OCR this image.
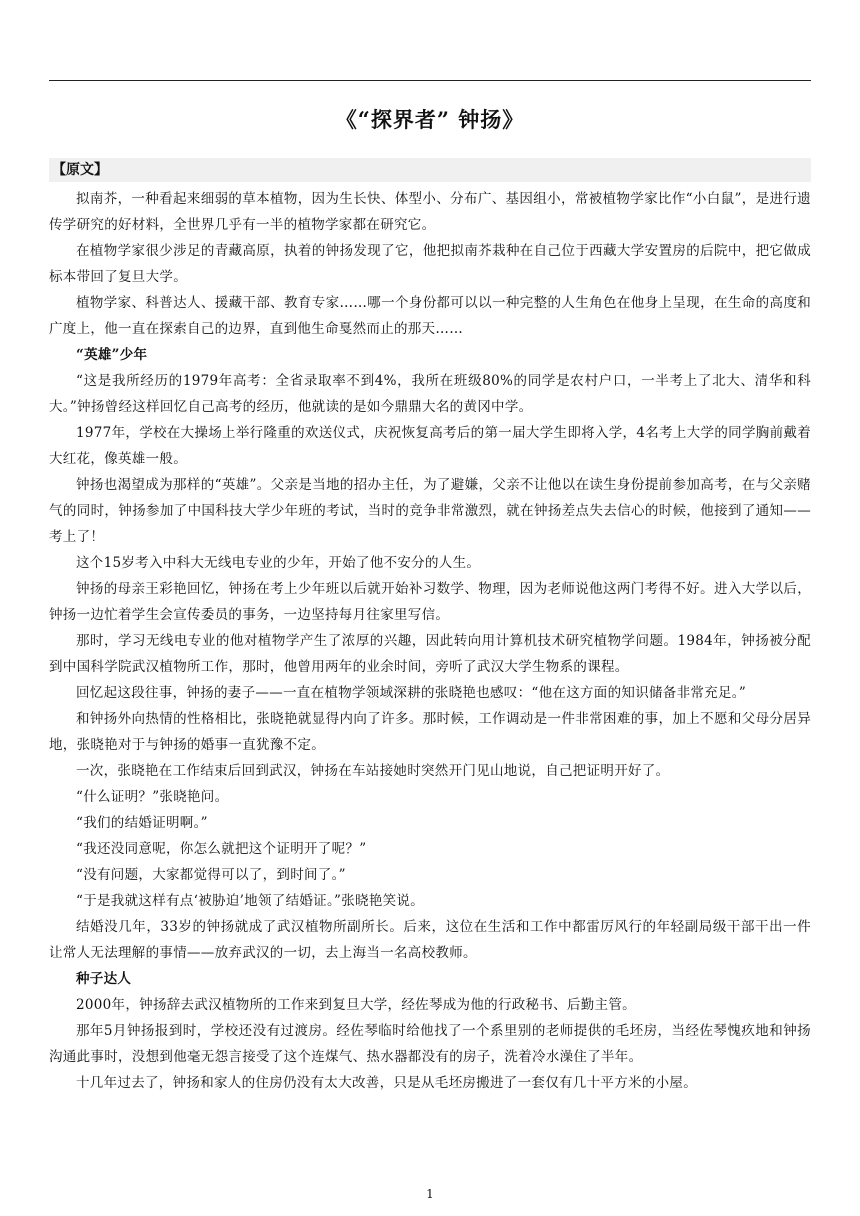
《“探界者” 钟扬》
【原文】

拟南芥，一种看起来细弱的草本植物，因为生长快、体型小、分布广、基因组小，常被植物学家比作“小白鼠”，是进行遗传学研究的好材料，全世界几乎有一半的植物学家都在研究它。

在植物学家很少涉足的青藏高原，执着的钟扬发现了它，他把拟南芥栽种在自己位于西藏大学安置房的后院中，把它做成标本带回了复旦大学。

植物学家、科普达人、援藏干部、教育专家……哪一个身份都可以以一种完整的人生角色在他身上呈现，在生命的高度和广度上，他一直在探索自己的边界，直到他生命戛然而止的那天……

“英雄”少年

“这是我所经历的1979年高考：全省录取率不到4%，我所在班级80%的同学是农村户口，一半考上了北大、清华和科大。”钟扬曾经这样回忆自己高考的经历，他就读的是如今鼎鼎大名的黄冈中学。

1977年，学校在大操场上举行隆重的欢送仪式，庆祝恢复高考后的第一届大学生即将入学，4名考上大学的同学胸前戴着大红花，像英雄一般。

钟扬也渴望成为那样的“英雄”。父亲是当地的招办主任，为了避嫌，父亲不让他以在读生身份提前参加高考，在与父亲赌气的同时，钟扬参加了中国科技大学少年班的考试，当时的竞争非常激烈，就在钟扬差点失去信心的时候，他接到了通知——考上了！

这个15岁考入中科大无线电专业的少年，开始了他不安分的人生。

钟扬的母亲王彩艳回忆，钟扬在考上少年班以后就开始补习数学、物理，因为老师说他这两门考得不好。进入大学以后，钟扬一边忙着学生会宣传委员的事务，一边坚持每月往家里写信。

那时，学习无线电专业的他对植物学产生了浓厚的兴趣，因此转向用计算机技术研究植物学问题。1984年，钟扬被分配到中国科学院武汉植物所工作，那时，他曾用两年的业余时间，旁听了武汉大学生物系的课程。

回忆起这段往事，钟扬的妻子——一直在植物学领域深耕的张晓艳也感叹：“他在这方面的知识储备非常充足。”

和钟扬外向热情的性格相比，张晓艳就显得内向了许多。那时候，工作调动是一件非常困难的事，加上不愿和父母分居异地，张晓艳对于与钟扬的婚事一直犹豫不定。

一次，张晓艳在工作结束后回到武汉，钟扬在车站接她时突然开门见山地说，自己把证明开好了。

“什么证明？”张晓艳问。

“我们的结婚证明啊。”

“我还没同意呢，你怎么就把这个证明开了呢？”

“没有问题，大家都觉得可以了，到时间了。”

“于是我就这样有点‘被胁迫’地领了结婚证。”张晓艳笑说。

结婚没几年，33岁的钟扬就成了武汉植物所副所长。后来，这位在生活和工作中都雷厉风行的年轻副局级干部干出一件让常人无法理解的事情——放弃武汉的一切，去上海当一名高校教师。

种子达人

2000年，钟扬辞去武汉植物所的工作来到复旦大学，经佐琴成为他的行政秘书、后勤主管。

那年5月钟扬报到时，学校还没有过渡房。经佐琴临时给他找了一个系里别的老师提供的毛坯房，当经佐琴愧疚地和钟扬沟通此事时，没想到他毫无怨言接受了这个连煤气、热水器都没有的房子，洗着冷水澡住了半年。

十几年过去了，钟扬和家人的住房仍没有太大改善，只是从毛坯房搬进了一套仅有几十平方米的小屋。

1
